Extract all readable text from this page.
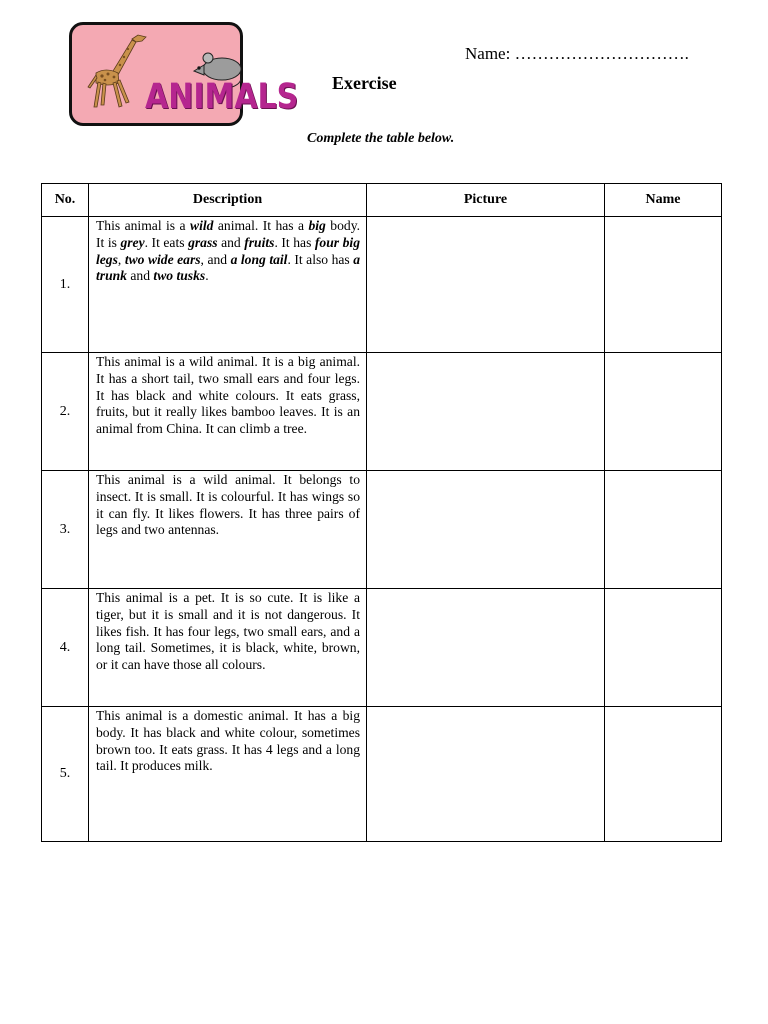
ANIMALS
Name: ………………………….
Exercise
Complete the table below.
No.	Description	Picture	Name
1.	This animal is a wild animal. It has a big body. It is grey. It eats grass and fruits. It has four big legs, two wide ears, and a long tail. It also has a trunk and two tusks.		
2.	This animal is a wild animal. It is a big animal. It has a short tail, two small ears and four legs. It has black and white colours. It eats grass, fruits, but it really likes bamboo leaves. It is an animal from China. It can climb a tree.		
3.	This animal is a wild animal. It belongs to insect. It is small. It is colourful. It has wings so it can fly. It likes flowers. It has three pairs of legs and two antennas.		
4.	This animal is a pet. It is so cute. It is like a tiger, but it is small and it is not dangerous. It likes fish. It has four legs, two small ears, and a long tail. Sometimes, it is black, white, brown, or it can have those all colours.		
5.	This animal is a domestic animal. It has a big body. It has black and white colour, sometimes brown too. It eats grass. It has 4 legs and a long tail. It produces milk.		
